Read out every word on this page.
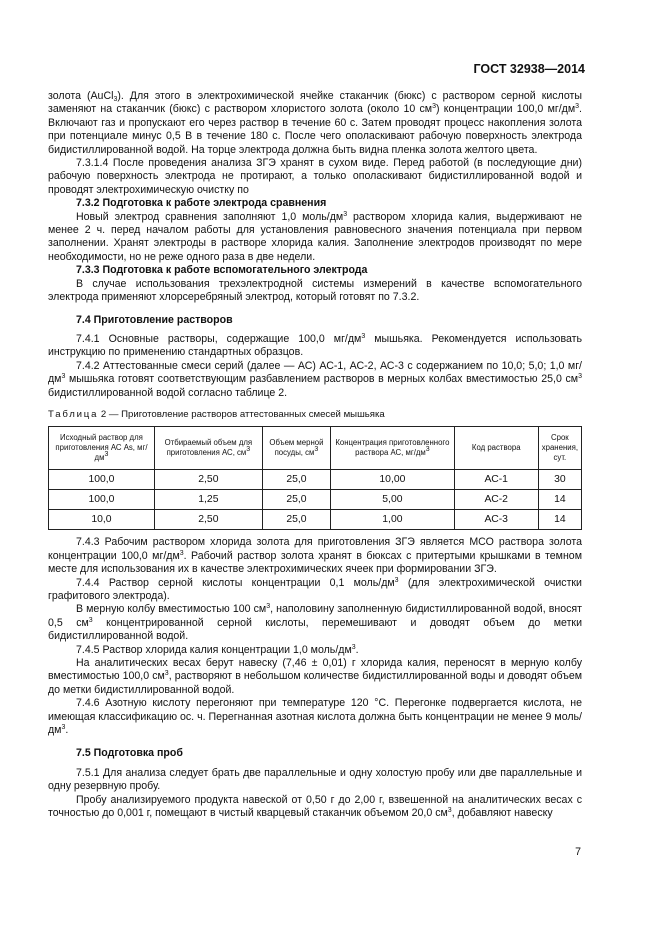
ГОСТ 32938—2014

золота (AuCl$_3$). Для этого в электрохимической ячейке стаканчик (бюкс) с раствором серной кислоты заменяют на стаканчик (бюкс) с раствором хлористого золота (около 10 $см^3$) концентрации 100,0 $мг/дм^3$. Включают газ и пропускают его через раствор в течение 60 с. Затем проводят процесс накопления золота при потенциале минус 0,5 В в течение 180 с. После чего ополаскивают рабочую поверхность электрода бидистиллированной водой. На торце электрода должна быть видна пленка золота желтого цвета.

7.3.1.4 После проведения анализа ЗГЭ хранят в сухом виде. Перед работой (в последующие дни) рабочую поверхность электрода не протирают, а только ополаскивают бидистиллированной водой и проводят электрохимическую очистку по

7.3.2 Подготовка к работе электрода сравнения

Новый электрод сравнения заполняют 1,0 моль/$дм^3$ раствором хлорида калия, выдерживают не менее 2 ч. перед началом работы для установления равновесного значения потенциала при первом заполнении. Хранят электроды в растворе хлорида калия. Заполнение электродов производят по мере необходимости, но не реже одного раза в две недели.

7.3.3 Подготовка к работе вспомогательного электрода

В случае использования трехэлектродной системы измерений в качестве вспомогательного электрода применяют хлорсеребряный электрод, который готовят по 7.3.2.

7.4 Приготовление растворов

7.4.1 Основные растворы, содержащие 100,0 $мг/дм^3$ мышьяка. Рекомендуется использовать инструкцию по применению стандартных образцов.

7.4.2 Аттестованные смеси серий (далее — АС) АС-1, АС-2, АС-3 с содержанием по 10,0; 5,0; 1,0 $мг/дм^3$ мышьяка готовят соответствующим разбавлением растворов в мерных колбах вместимостью 25,0 $см^3$ бидистиллированной водой согласно таблице 2.

Таблица 2 — Приготовление растворов аттестованных смесей мышьяка

Исходный раствор для приготовления АС As, $мг/дм^3$	Отбираемый объем для приготовления АС, $см^3$	Объем мерной посуды, $см^3$	Концентрация приготовленного раствора АС, $мг/дм^3$	Код раствора	Срок хранения, сут.
100,0	2,50	25,0	10,00	АС-1	30
100,0	1,25	25,0	5,00	АС-2	14
10,0	2,50	25,0	1,00	АС-3	14

7.4.3 Рабочим раствором хлорида золота для приготовления ЗГЭ является МСО раствора золота концентрации 100,0 $мг/дм^3$. Рабочий раствор золота хранят в бюксах с притертыми крышками в темном месте для использования их в качестве электрохимических ячеек при формировании ЗГЭ.

7.4.4 Раствор серной кислоты концентрации 0,1 моль/$дм^3$ (для электрохимической очистки графитового электрода).

В мерную колбу вместимостью 100 $см^3$, наполовину заполненную бидистиллированной водой, вносят 0,5 $см^3$ концентрированной серной кислоты, перемешивают и доводят объем до метки бидистиллированной водой.

7.4.5 Раствор хлорида калия концентрации 1,0 моль/$дм^3$.

На аналитических весах берут навеску (7,46 ± 0,01) г хлорида калия, переносят в мерную колбу вместимостью 100,0 $см^3$, растворяют в небольшом количестве бидистиллированной воды и доводят объем до метки бидистиллированной водой.

7.4.6 Азотную кислоту перегоняют при температуре 120 °С. Перегонке подвергается кислота, не имеющая классификацию ос. ч. Перегнанная азотная кислота должна быть концентрации не менее 9 моль/$дм^3$.

7.5 Подготовка проб

7.5.1 Для анализа следует брать две параллельные и одну холостую пробу или две параллельные и одну резервную пробу.

Пробу анализируемого продукта навеской от 0,50 г до 2,00 г, взвешенной на аналитических весах с точностью до 0,001 г, помещают в чистый кварцевый стаканчик объемом 20,0 $см^3$, добавляют навеску

7
